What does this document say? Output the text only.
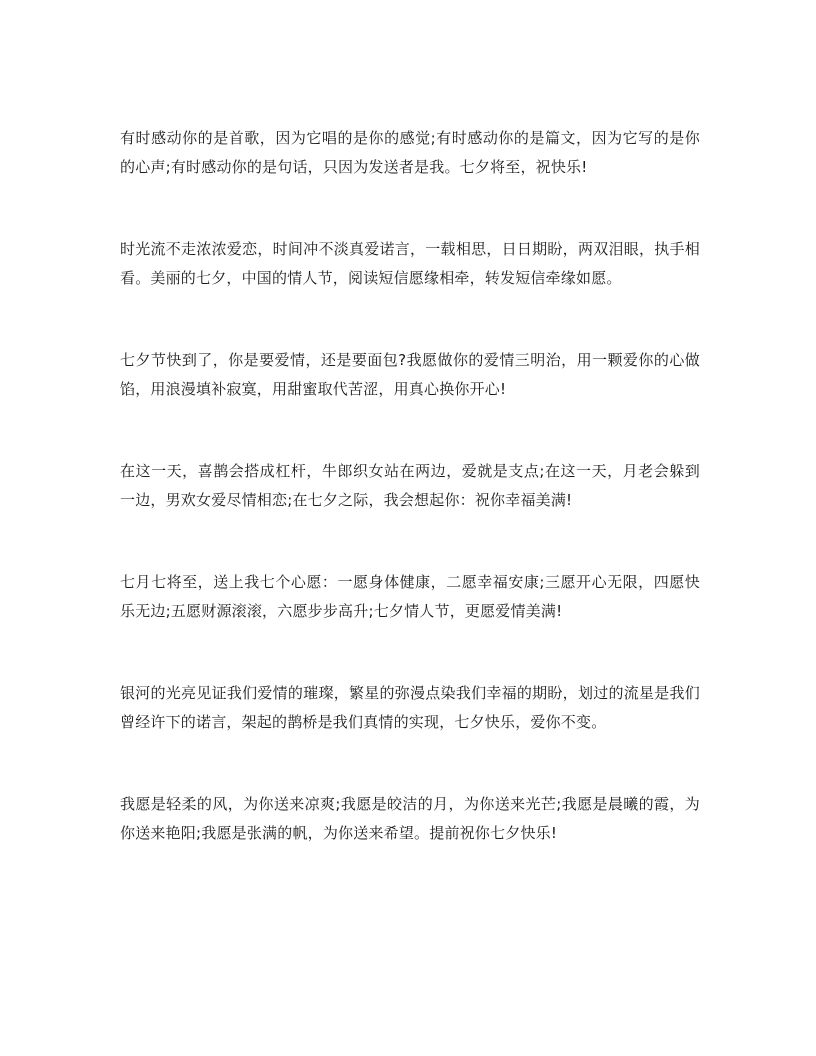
有时感动你的是首歌，因为它唱的是你的感觉;有时感动你的是篇文，因为它写的是你的心声;有时感动你的是句话，只因为发送者是我。七夕将至，祝快乐!

时光流不走浓浓爱恋，时间冲不淡真爱诺言，一载相思，日日期盼，两双泪眼，执手相看。美丽的七夕，中国的情人节，阅读短信愿缘相牵，转发短信牵缘如愿。

七夕节快到了，你是要爱情，还是要面包?我愿做你的爱情三明治，用一颗爱你的心做馅，用浪漫填补寂寞，用甜蜜取代苦涩，用真心换你开心!

在这一天，喜鹊会搭成杠杆，牛郎织女站在两边，爱就是支点;在这一天，月老会躲到一边，男欢女爱尽情相恋;在七夕之际，我会想起你：祝你幸福美满!

七月七将至，送上我七个心愿：一愿身体健康，二愿幸福安康;三愿开心无限，四愿快乐无边;五愿财源滚滚，六愿步步高升;七夕情人节，更愿爱情美满!

银河的光亮见证我们爱情的璀璨，繁星的弥漫点染我们幸福的期盼，划过的流星是我们曾经许下的诺言，架起的鹊桥是我们真情的实现，七夕快乐，爱你不变。

我愿是轻柔的风，为你送来凉爽;我愿是皎洁的月，为你送来光芒;我愿是晨曦的霞，为你送来艳阳;我愿是张满的帆，为你送来希望。提前祝你七夕快乐!
